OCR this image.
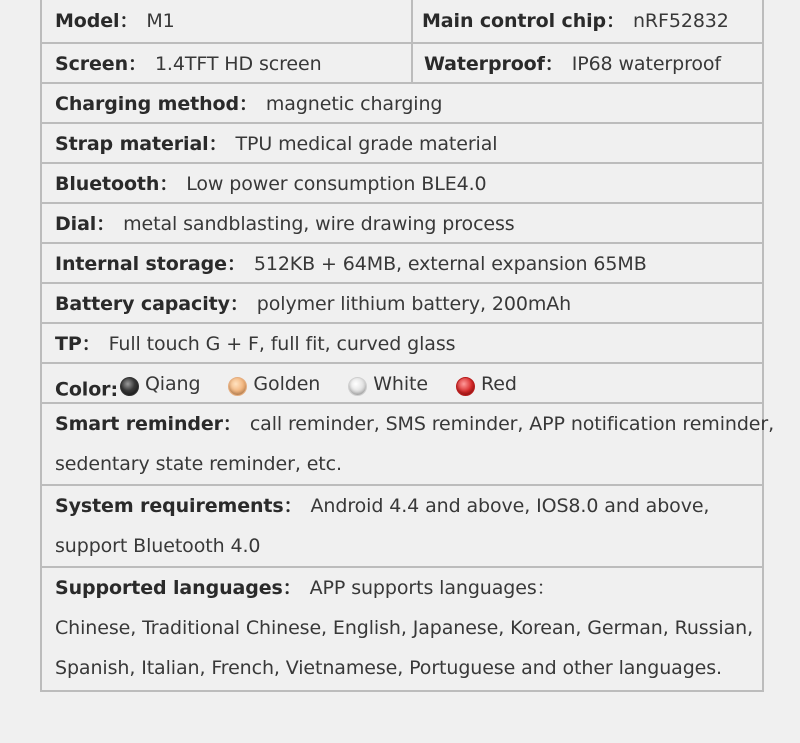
Model： M1	Main control chip： nRF52832
Screen： 1.4TFT HD screen	Waterproof： IP68 waterproof
Charging method： magnetic charging
Strap material： TPU medical grade material
Bluetooth： Low power consumption BLE4.0
Dial： metal sandblasting, wire drawing process
Internal storage： 512KB + 64MB, external expansion 65MB
Battery capacity： polymer lithium battery, 200mAh
TP： Full touch G + F, full fit, curved glass
Color: Qiang	Golden	White	Red
Smart reminder： call reminder, SMS reminder, APP notification reminder,
sedentary state reminder, etc.
System requirements： Android 4.4 and above, IOS8.0 and above,
support Bluetooth 4.0
Supported languages： APP supports languages：
Chinese, Traditional Chinese, English, Japanese, Korean, German, Russian,
Spanish, Italian, French, Vietnamese, Portuguese and other languages.
